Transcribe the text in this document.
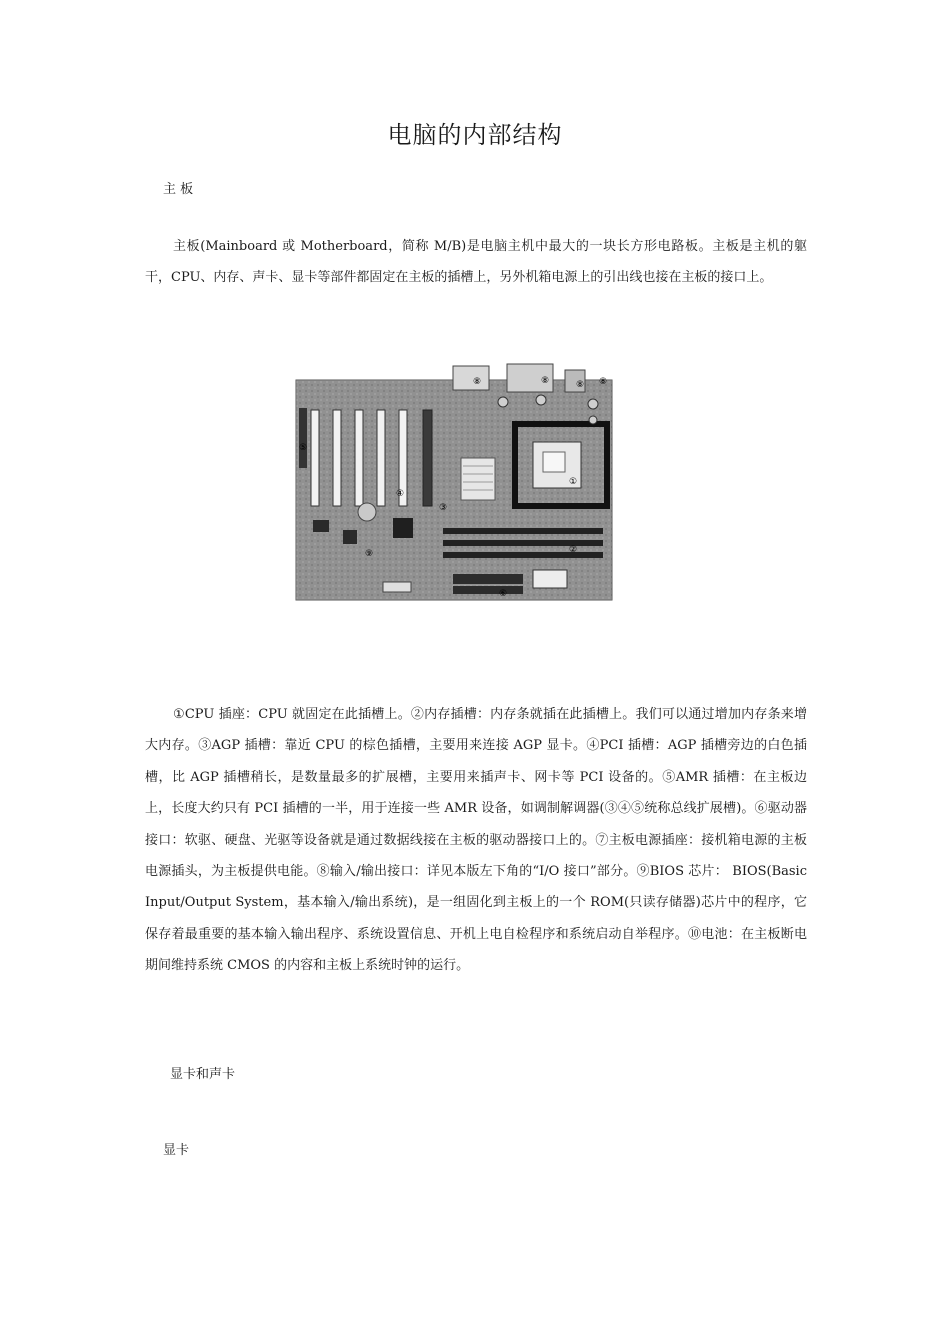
电脑的内部结构
主 板

主板(Mainboard 或 Motherboard，简称 M/B)是电脑主机中最大的一块长方形电路板。主板是主机的躯干，CPU、内存、声卡、显卡等部件都固定在主板的插槽上，另外机箱电源上的引出线也接在主板的接口上。

①
②
③
④
⑤
⑥
⑧	⑧	⑧ ⑧
⑨

①CPU 插座：CPU 就固定在此插槽上。②内存插槽：内存条就插在此插槽上。我们可以通过增加内存条来增大内存。③AGP 插槽：靠近 CPU 的棕色插槽，主要用来连接 AGP 显卡。④PCI 插槽：AGP 插槽旁边的白色插槽，比 AGP 插槽稍长，是数量最多的扩展槽，主要用来插声卡、网卡等 PCI 设备的。⑤AMR 插槽：在主板边上，长度大约只有 PCI 插槽的一半，用于连接一些 AMR 设备，如调制解调器(③④⑤统称总线扩展槽)。⑥驱动器接口：软驱、硬盘、光驱等设备就是通过数据线接在主板的驱动器接口上的。⑦主板电源插座：接机箱电源的主板电源插头，为主板提供电能。⑧输入/输出接口：详见本版左下角的“I/O 接口”部分。⑨BIOS 芯片： BIOS(Basic Input/Output System，基本输入/输出系统)，是一组固化到主板上的一个 ROM(只读存储器)芯片中的程序，它保存着最重要的基本输入输出程序、系统设置信息、开机上电自检程序和系统启动自举程序。⑩电池：在主板断电期间维持系统 CMOS 的内容和主板上系统时钟的运行。

显卡和声卡
显卡
